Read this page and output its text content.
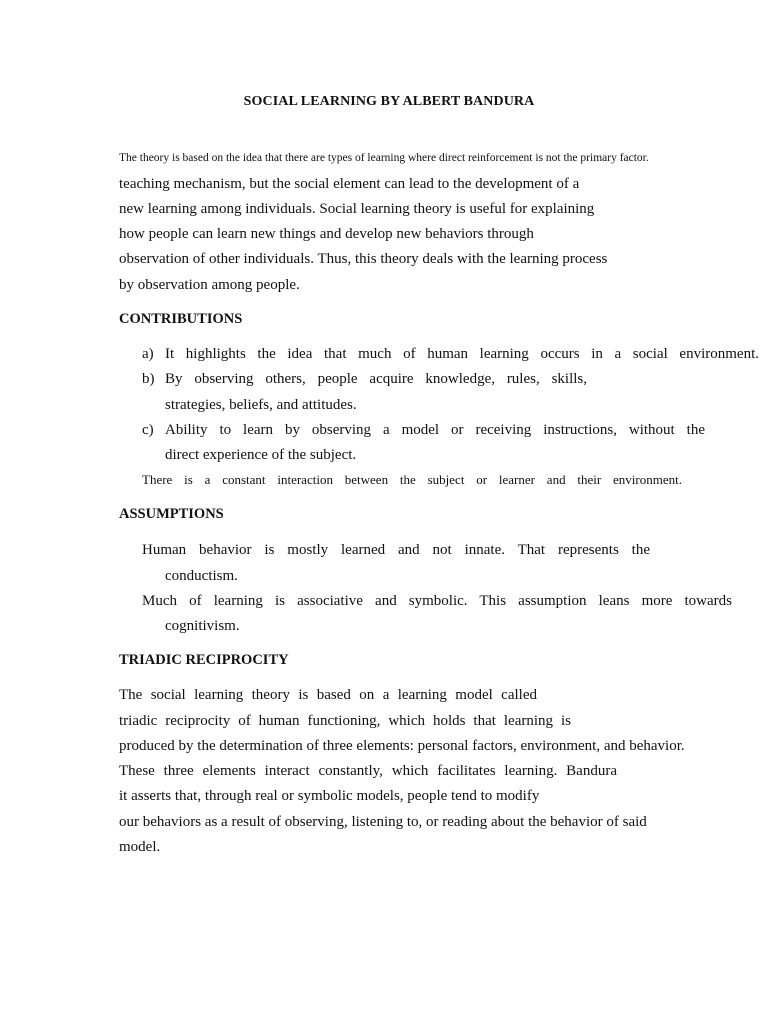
SOCIAL LEARNING BY ALBERT BANDURA
The theory is based on the idea that there are types of learning where direct reinforcement is not the primary factor.
teaching mechanism, but the social element can lead to the development of a
new learning among individuals. Social learning theory is useful for explaining
how people can learn new things and develop new behaviors through
observation of other individuals. Thus, this theory deals with the learning process
by observation among people.
CONTRIBUTIONS
a) It highlights the idea that much of human learning occurs in a social environment.
b) By observing others, people acquire knowledge, rules, skills,
strategies, beliefs, and attitudes.
c) Ability to learn by observing a model or receiving instructions, without the
direct experience of the subject.
There is a constant interaction between the subject or learner and their environment.
ASSUMPTIONS
Human behavior is mostly learned and not innate. That represents the
conductism.
Much of learning is associative and symbolic. This assumption leans more towards
cognitivism.
TRIADIC RECIPROCITY
The social learning theory is based on a learning model called
triadic reciprocity of human functioning, which holds that learning is
produced by the determination of three elements: personal factors, environment, and behavior.
These three elements interact constantly, which facilitates learning. Bandura
it asserts that, through real or symbolic models, people tend to modify
our behaviors as a result of observing, listening to, or reading about the behavior of said
model.
